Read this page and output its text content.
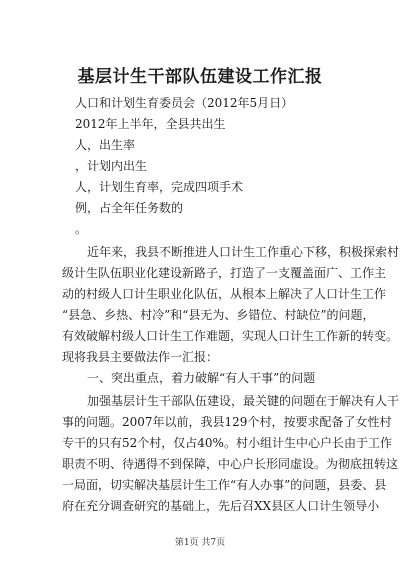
基层计生干部队伍建设工作汇报
人口和计划生育委员会（2012年5月日）
2012年上半年，全县共出生
人，出生率
，计划内出生
人，计划生育率，完成四项手术
例，占全年任务数的
。
近年来，我县不断推进人口计生工作重心下移，积极探索村
级计生队伍职业化建设新路子，打造了一支覆盖面广、工作主
动的村级人口计生职业化队伍，从根本上解决了人口计生工作
“县急、乡热、村冷”和“县无为、乡错位、村缺位”的问题，
有效破解村级人口计生工作难题，实现人口计生工作新的转变。
现将我县主要做法作一汇报：
一、突出重点，着力破解“有人干事”的问题
加强基层计生干部队伍建设，最关键的问题在于解决有人干
事的问题。2007年以前，我县129个村，按要求配备了女性村
专干的只有52个村，仅占40%。村小组计生中心户长由于工作
职责不明、待遇得不到保障，中心户长形同虚设。为彻底扭转这
一局面，切实解决基层计生工作“有人办事”的问题，县委、县
府在充分调查研究的基础上，先后召XX县区人口计生领导小
第1页 共7页
